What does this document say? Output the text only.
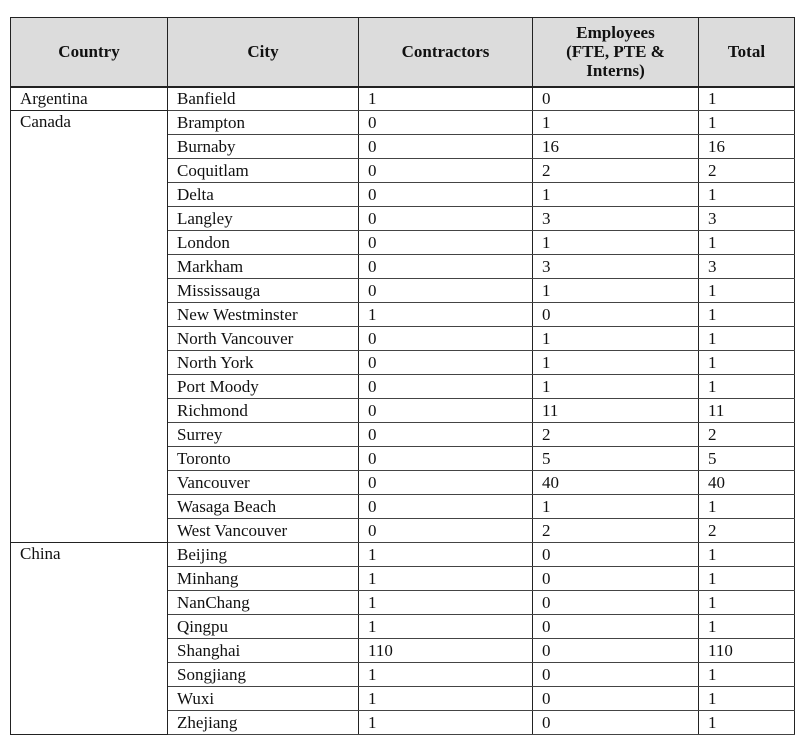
Country	City	Contractors	Employees
(FTE, PTE &
Interns)	Total
Argentina	Banfield	1	0	1
Canada	Brampton	0	1	1
	Burnaby	0	16	16
	Coquitlam	0	2	2
	Delta	0	1	1
	Langley	0	3	3
	London	0	1	1
	Markham	0	3	3
	Mississauga	0	1	1
	New Westminster	1	0	1
	North Vancouver	0	1	1
	North York	0	1	1
	Port Moody	0	1	1
	Richmond	0	11	11
	Surrey	0	2	2
	Toronto	0	5	5
	Vancouver	0	40	40
	Wasaga Beach	0	1	1
	West Vancouver	0	2	2
China	Beijing	1	0	1
	Minhang	1	0	1
	NanChang	1	0	1
	Qingpu	1	0	1
	Shanghai	110	0	110
	Songjiang	1	0	1
	Wuxi	1	0	1
	Zhejiang	1	0	1
